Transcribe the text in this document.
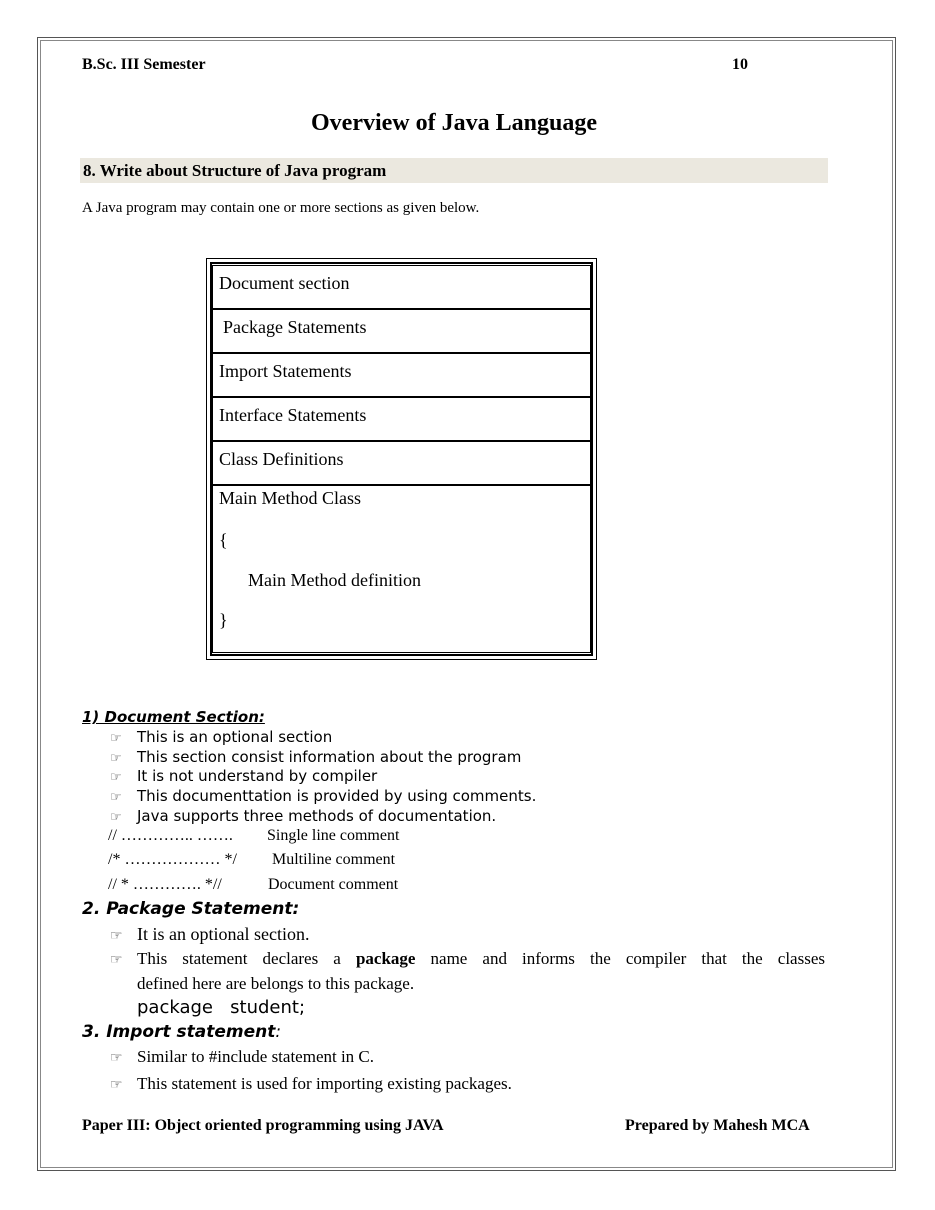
B.Sc. III Semester	10
Overview of Java Language
8. Write about Structure of Java program
A Java program may contain one or more sections as given below.
Document section
Package Statements
Import Statements
Interface Statements
Class Definitions
Main Method Class
{
Main Method definition
}
1) Document Section:
☞ This is an optional section
☞ This section consist information about the program
☞ It is not understand by compiler
☞ This documenttation is provided by using comments.
☞ Java supports three methods of documentation.
// ………….. ……. Single line comment
/* ……………… */ Multiline comment
// * …………. *//	Document comment
2. Package Statement:
☞ It is an optional section.
☞ This statement declares a package name and informs the compiler that the classes
defined here are belongs to this package.
package   student;
3. Import statement:
☞ Similar to #include statement in C.
☞ This statement is used for importing existing packages.
Paper III: Object oriented programming using JAVA	Prepared by Mahesh MCA
